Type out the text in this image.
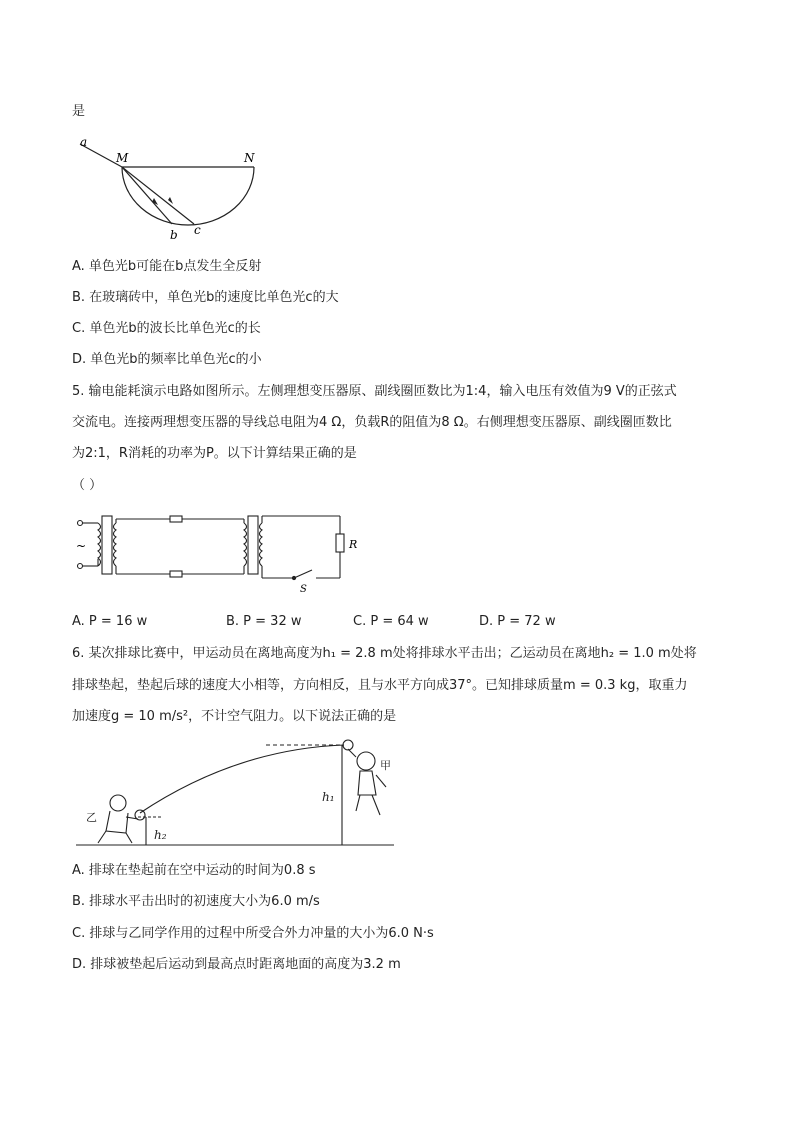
是
a
M	N
b c
A. 单色光b可能在b点发生全反射
B. 在玻璃砖中，单色光b的速度比单色光c的大
C. 单色光b的波长比单色光c的长
D. 单色光b的频率比单色光c的小
5. 输电能耗演示电路如图所示。左侧理想变压器原、副线圈匝数比为1:4，输入电压有效值为9 V的正弦式
交流电。连接两理想变压器的导线总电阻为4 Ω，负载R的阻值为8 Ω。右侧理想变压器原、副线圈匝数比
为2:1，R消耗的功率为P。以下计算结果正确的是
（ ）
~	R
S
A. P = 16 w	B. P = 32 w	C. P = 64 w	D. P = 72 w
6. 某次排球比赛中，甲运动员在离地高度为h₁ = 2.8 m处将排球水平击出；乙运动员在离地h₂ = 1.0 m处将
排球垫起，垫起后球的速度大小相等，方向相反，且与水平方向成37°。已知排球质量m = 0.3 kg，取重力
加速度g = 10 m/s²，不计空气阻力。以下说法正确的是
甲
乙
h₁
h₂
A. 排球在垫起前在空中运动的时间为0.8 s
B. 排球水平击出时的初速度大小为6.0 m/s
C. 排球与乙同学作用的过程中所受合外力冲量的大小为6.0 N·s
D. 排球被垫起后运动到最高点时距离地面的高度为3.2 m
